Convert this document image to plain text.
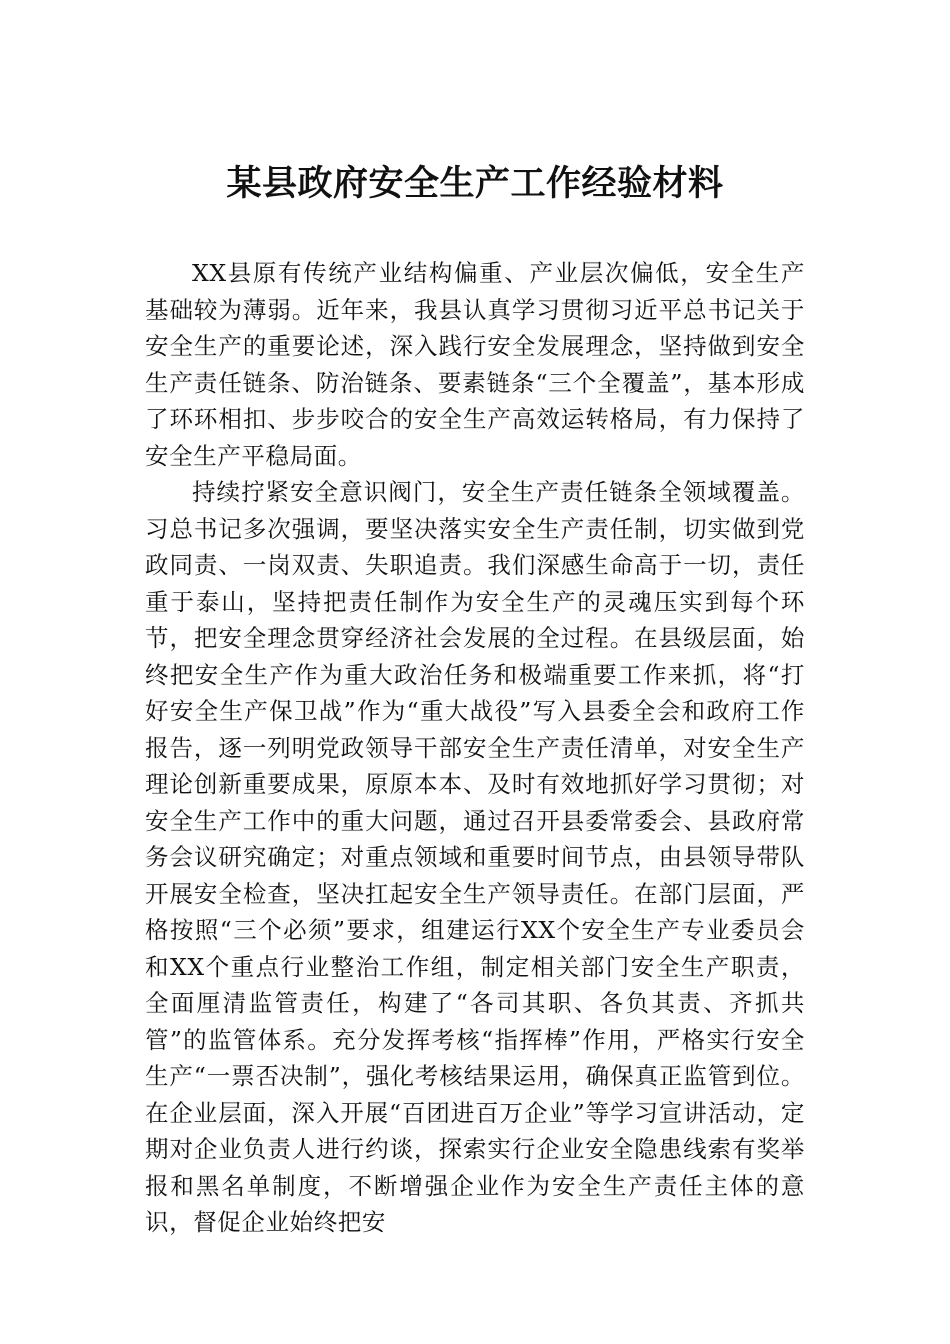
某县政府安全生产工作经验材料

XX县原有传统产业结构偏重、产业层次偏低，安全生产基础较为薄弱。近年来，我县认真学习贯彻习近平总书记关于安全生产的重要论述，深入践行安全发展理念，坚持做到安全生产责任链条、防治链条、要素链条“三个全覆盖”，基本形成了环环相扣、步步咬合的安全生产高效运转格局，有力保持了安全生产平稳局面。

持续拧紧安全意识阀门，安全生产责任链条全领域覆盖。习总书记多次强调，要坚决落实安全生产责任制，切实做到党政同责、一岗双责、失职追责。我们深感生命高于一切，责任重于泰山，坚持把责任制作为安全生产的灵魂压实到每个环节，把安全理念贯穿经济社会发展的全过程。在县级层面，始终把安全生产作为重大政治任务和极端重要工作来抓，将“打好安全生产保卫战”作为“重大战役”写入县委全会和政府工作报告，逐一列明党政领导干部安全生产责任清单，对安全生产理论创新重要成果，原原本本、及时有效地抓好学习贯彻；对安全生产工作中的重大问题，通过召开县委常委会、县政府常务会议研究确定；对重点领域和重要时间节点，由县领导带队开展安全检查，坚决扛起安全生产领导责任。在部门层面，严格按照“三个必须”要求，组建运行XX个安全生产专业委员会和XX个重点行业整治工作组，制定相关部门安全生产职责，全面厘清监管责任，构建了“各司其职、各负其责、齐抓共管”的监管体系。充分发挥考核“指挥棒”作用，严格实行安全生产“一票否决制”，强化考核结果运用，确保真正监管到位。在企业层面，深入开展“百团进百万企业”等学习宣讲活动，定期对企业负责人进行约谈，探索实行企业安全隐患线索有奖举报和黑名单制度，不断增强企业作为安全生产责任主体的意识，督促企业始终把安
